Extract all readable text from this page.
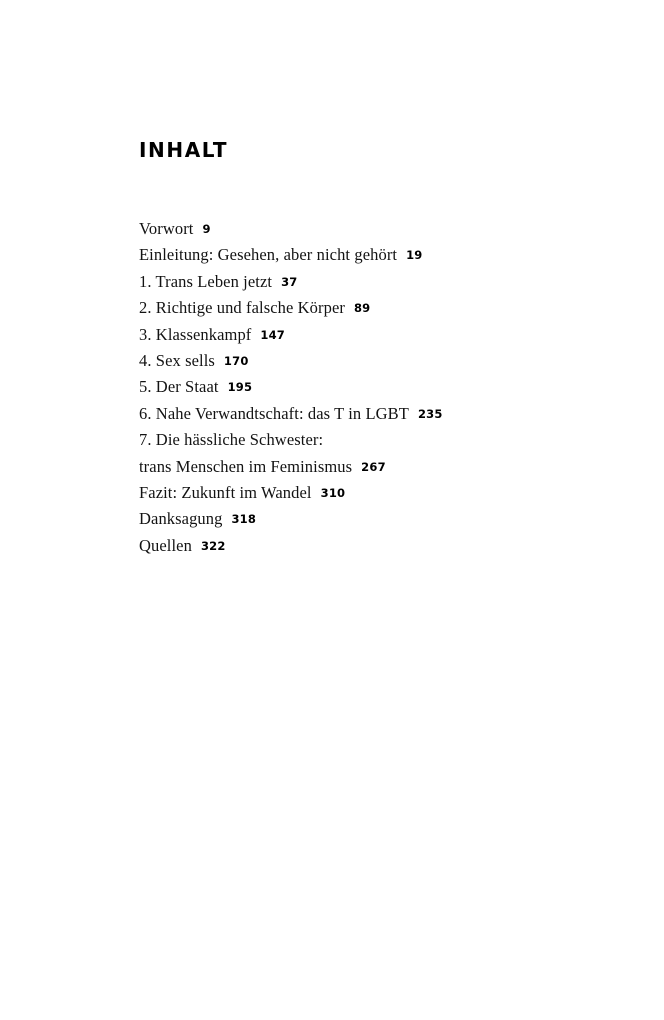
INHALT
Vorwort 9
Einleitung: Gesehen, aber nicht gehört 19
1. Trans Leben jetzt 37
2. Richtige und falsche Körper 89
3. Klassenkampf 147
4. Sex sells 170
5. Der Staat 195
6. Nahe Verwandtschaft: das T in LGBT 235
7. Die hässliche Schwester:
trans Menschen im Feminismus 267
Fazit: Zukunft im Wandel 310
Danksagung 318
Quellen 322
